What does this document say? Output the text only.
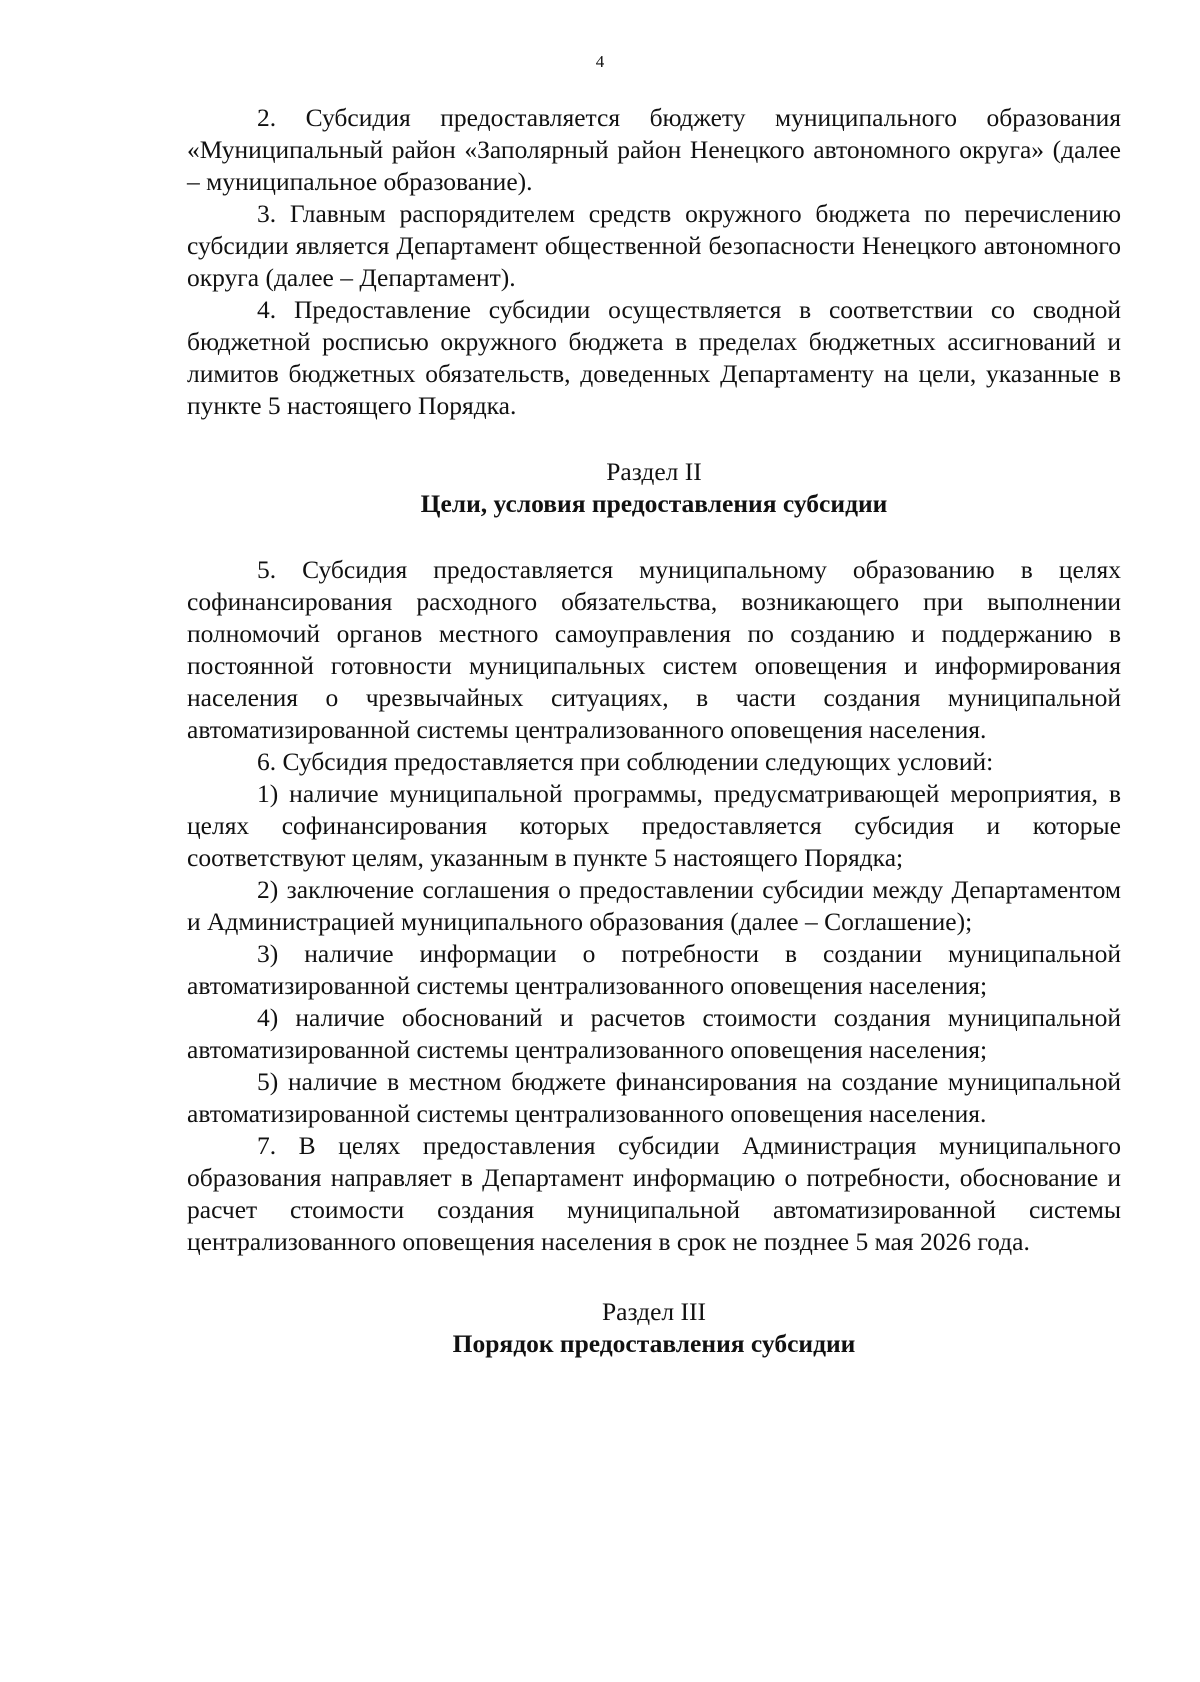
4

2. Субсидия предоставляется бюджету муниципального образования «Муниципальный район «Заполярный район Ненецкого автономного округа» (далее – муниципальное образование).

3. Главным распорядителем средств окружного бюджета по перечислению субсидии является Департамент общественной безопасности Ненецкого автономного округа (далее – Департамент).

4. Предоставление субсидии осуществляется в соответствии со сводной бюджетной росписью окружного бюджета в пределах бюджетных ассигнований и лимитов бюджетных обязательств, доведенных Департаменту на цели, указанные в пункте 5 настоящего Порядка.

Раздел II
Цели, условия предоставления субсидии

5. Субсидия предоставляется муниципальному образованию в целях софинансирования расходного обязательства, возникающего при выполнении полномочий органов местного самоуправления по созданию и поддержанию в постоянной готовности муниципальных систем оповещения и информирования населения о чрезвычайных ситуациях, в части создания муниципальной автоматизированной системы централизованного оповещения населения.

6. Субсидия предоставляется при соблюдении следующих условий:

1) наличие муниципальной программы, предусматривающей мероприятия, в целях софинансирования которых предоставляется субсидия и которые соответствуют целям, указанным в пункте 5 настоящего Порядка;

2) заключение соглашения о предоставлении субсидии между Департаментом и Администрацией муниципального образования (далее – Соглашение);

3) наличие информации о потребности в создании муниципальной автоматизированной системы централизованного оповещения населения;

4) наличие обоснований и расчетов стоимости создания муниципальной автоматизированной системы централизованного оповещения населения;

5) наличие в местном бюджете финансирования на создание муниципальной автоматизированной системы централизованного оповещения населения.

7. В целях предоставления субсидии Администрация муниципального образования направляет в Департамент информацию о потребности, обоснование и расчет стоимости создания муниципальной автоматизированной системы централизованного оповещения населения в срок не позднее 5 мая 2026 года.

Раздел III
Порядок предоставления субсидии
